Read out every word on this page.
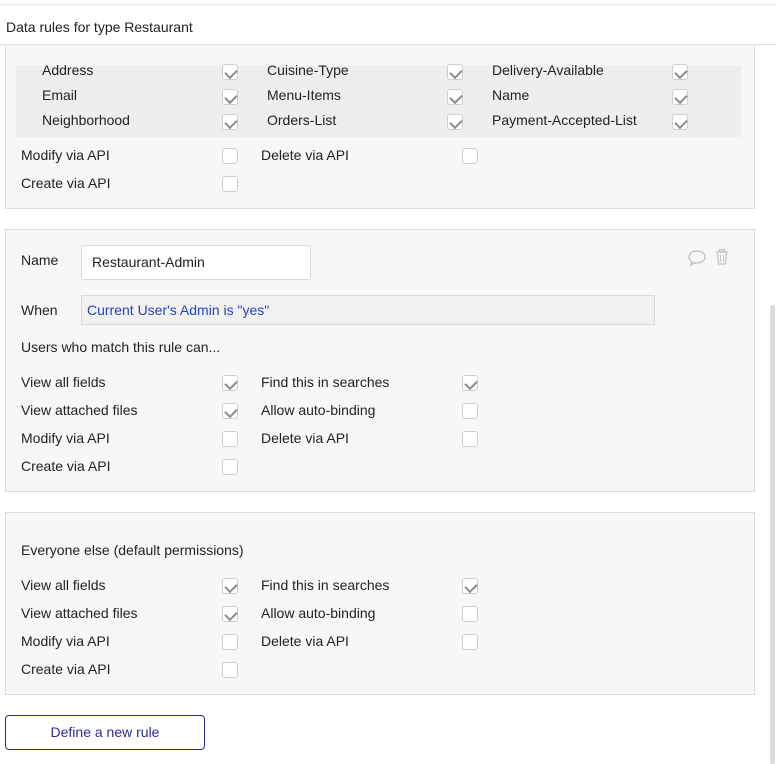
Data rules for type Restaurant
Address	Cuisine-Type	Delivery-Available
Email	Menu-Items	Name
Neighborhood	Orders-List	Payment-Accepted-List
Modify via API	Delete via API
Create via API
Name	Restaurant-Admin
When	Current User's Admin is "yes"
Users who match this rule can...
View all fields	Find this in searches
View attached files	Allow auto-binding
Modify via API	Delete via API
Create via API
Everyone else (default permissions)
View all fields	Find this in searches
View attached files	Allow auto-binding
Modify via API	Delete via API
Create via API
Define a new rule
